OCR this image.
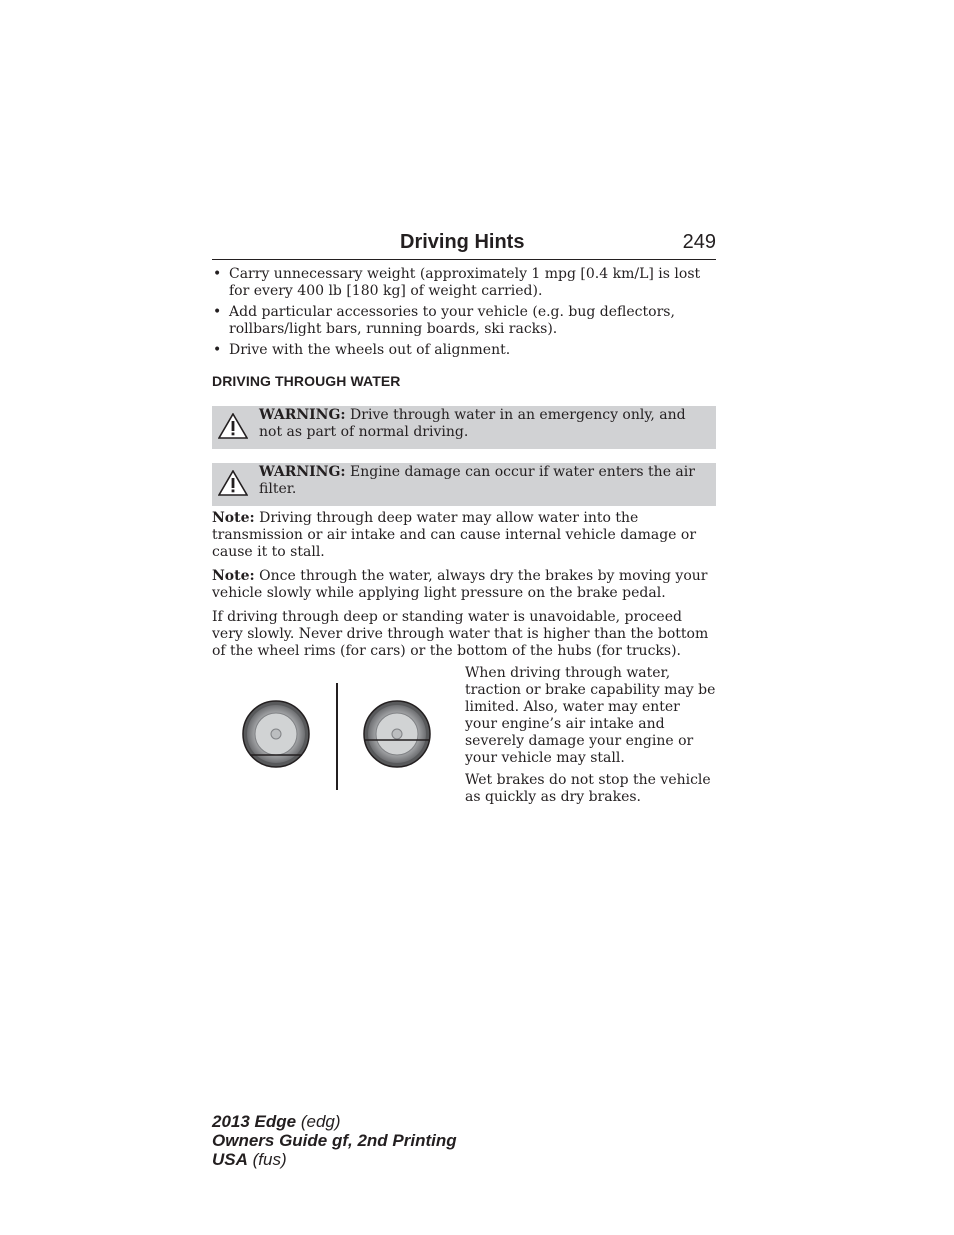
Driving Hints	249
• Carry unnecessary weight (approximately 1 mpg [0.4 km/L] is lost for every 400 lb [180 kg] of weight carried).
• Add particular accessories to your vehicle (e.g. bug deflectors, rollbars/light bars, running boards, ski racks).
• Drive with the wheels out of alignment.
DRIVING THROUGH WATER
WARNING: Drive through water in an emergency only, and not as part of normal driving.
WARNING: Engine damage can occur if water enters the air filter.

Note: Driving through deep water may allow water into the transmission or air intake and can cause internal vehicle damage or cause it to stall.

Note: Once through the water, always dry the brakes by moving your vehicle slowly while applying light pressure on the brake pedal.

If driving through deep or standing water is unavoidable, proceed very slowly. Never drive through water that is higher than the bottom of the wheel rims (for cars) or the bottom of the hubs (for trucks).

When driving through water, traction or brake capability may be limited. Also, water may enter your engine’s air intake and severely damage your engine or your vehicle may stall.

Wet brakes do not stop the vehicle as quickly as dry brakes.

2013 Edge (edg)
Owners Guide gf, 2nd Printing
USA (fus)
